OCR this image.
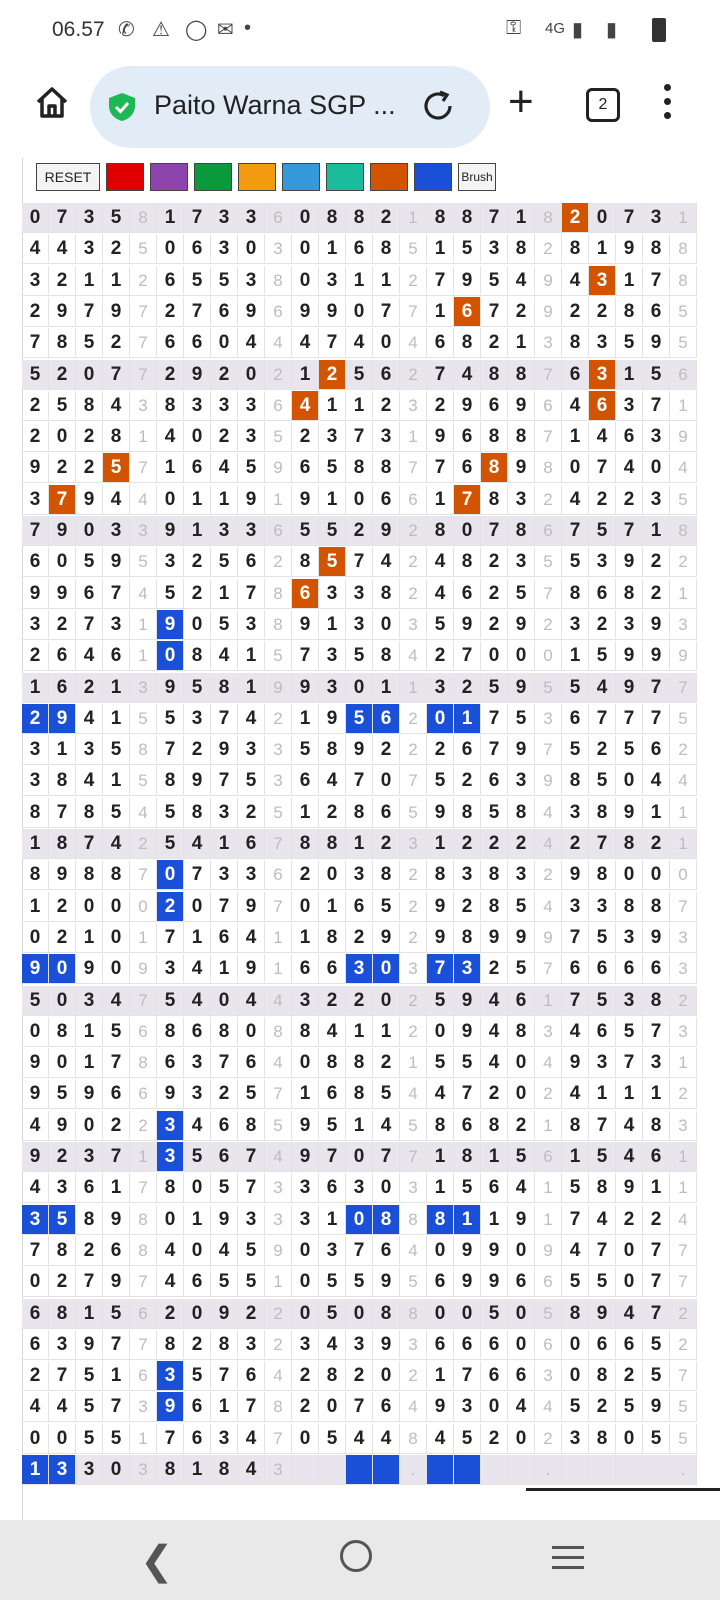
06.57 ✆ ⚠ ◯ ✉ •	⚿ 4G ▮ ▮
Paito Warna SGP ...	+	2
0 7 3 5 8 1 7 3 3 6 0 8 8 2 1 8 8 7 1 8 2 0 7 3 1
4 4 3 2 5 0 6 3 0 3 0 1 6 8 5 1 5 3 8 2 8 1 9 8 8
3 2 1 1 2 6 5 5 3 8 0 3 1 1 2 7 9 5 4 9 4 3 1 7 8
2 9 7 9 7 2 7 6 9 6 9 9 0 7 7 1 6 7 2 9 2 2 8 6 5
7 8 5 2 7 6 6 0 4 4 4 7 4 0 4 6 8 2 1 3 8 3 5 9 5
5 2 0 7 7 2 9 2 0 2 1 2 5 6 2 7 4 8 8 7 6 3 1 5 6
2 5 8 4 3 8 3 3 3 6 4 1 1 2 3 2 9 6 9 6 4 6 3 7 1
2 0 2 8 1 4 0 2 3 5 2 3 7 3 1 9 6 8 8 7 1 4 6 3 9
9 2 2 5 7 1 6 4 5 9 6 5 8 8 7 7 6 8 9 8 0 7 4 0 4
3 7 9 4 4 0 1 1 9 1 9 1 0 6 6 1 7 8 3 2 4 2 2 3 5
7 9 0 3 3 9 1 3 3 6 5 5 2 9 2 8 0 7 8 6 7 5 7 1 8
6 0 5 9 5 3 2 5 6 2 8 5 7 4 2 4 8 2 3 5 5 3 9 2 2
9 9 6 7 4 5 2 1 7 8 6 3 3 8 2 4 6 2 5 7 8 6 8 2 1
3 2 7 3 1 9 0 5 3 8 9 1 3 0 3 5 9 2 9 2 3 2 3 9 3
2 6 4 6 1 0 8 4 1 5 7 3 5 8 4 2 7 0 0 0 1 5 9 9 9
1 6 2 1 3 9 5 8 1 9 9 3 0 1 1 3 2 5 9 5 5 4 9 7 7
2 9 4 1 5 5 3 7 4 2 1 9 5 6 2 0 1 7 5 3 6 7 7 7 5
3 1 3 5 8 7 2 9 3 3 5 8 9 2 2 2 6 7 9 7 5 2 5 6 2
3 8 4 1 5 8 9 7 5 3 6 4 7 0 7 5 2 6 3 9 8 5 0 4 4
8 7 8 5 4 5 8 3 2 5 1 2 8 6 5 9 8 5 8 4 3 8 9 1 1
1 8 7 4 2 5 4 1 6 7 8 8 1 2 3 1 2 2 2 4 2 7 8 2 1
8 9 8 8 7 0 7 3 3 6 2 0 3 8 2 8 3 8 3 2 9 8 0 0 0
1 2 0 0 0 2 0 7 9 7 0 1 6 5 2 9 2 8 5 4 3 3 8 8 7
0 2 1 0 1 7 1 6 4 1 1 8 2 9 2 9 8 9 9 9 7 5 3 9 3
9 0 9 0 9 3 4 1 9 1 6 6 3 0 3 7 3 2 5 7 6 6 6 6 3
5 0 3 4 7 5 4 0 4 4 3 2 2 0 2 5 9 4 6 1 7 5 3 8 2
0 8 1 5 6 8 6 8 0 8 8 4 1 1 2 0 9 4 8 3 4 6 5 7 3
9 0 1 7 8 6 3 7 6 4 0 8 8 2 1 5 5 4 0 4 9 3 7 3 1
9 5 9 6 6 9 3 2 5 7 1 6 8 5 4 4 7 2 0 2 4 1 1 1 2
4 9 0 2 2 3 4 6 8 5 9 5 1 4 5 8 6 8 2 1 8 7 4 8 3
9 2 3 7 1 3 5 6 7 4 9 7 0 7 7 1 8 1 5 6 1 5 4 6 1
4 3 6 1 7 8 0 5 7 3 3 6 3 0 3 1 5 6 4 1 5 8 9 1 1
3 5 8 9 8 0 1 9 3 3 3 1 0 8 8 8 1 1 9 1 7 4 2 2 4
7 8 2 6 8 4 0 4 5 9 0 3 7 6 4 0 9 9 0 9 4 7 0 7 7
0 2 7 9 7 4 6 5 5 1 0 5 5 9 5 6 9 9 6 6 5 5 0 7 7
6 8 1 5 6 2 0 9 2 2 0 5 0 8 8 0 0 5 0 5 8 9 4 7 2
6 3 9 7 7 8 2 8 3 2 3 4 3 9 3 6 6 6 0 6 0 6 6 5 2
2 7 5 1 6 3 5 7 6 4 2 8 2 0 2 1 7 6 6 3 0 8 2 5 7
4 4 5 7 3 9 6 1 7 8 2 0 7 6 4 9 3 0 4 4 5 2 5 9 5
0 0 5 5 1 7 6 3 4 7 0 5 4 4 8 4 5 2 0 2 3 8 0 5 5
1 3 3 0 3 8 1 8 4 3	.	.	.
RESET	Brush
❮
